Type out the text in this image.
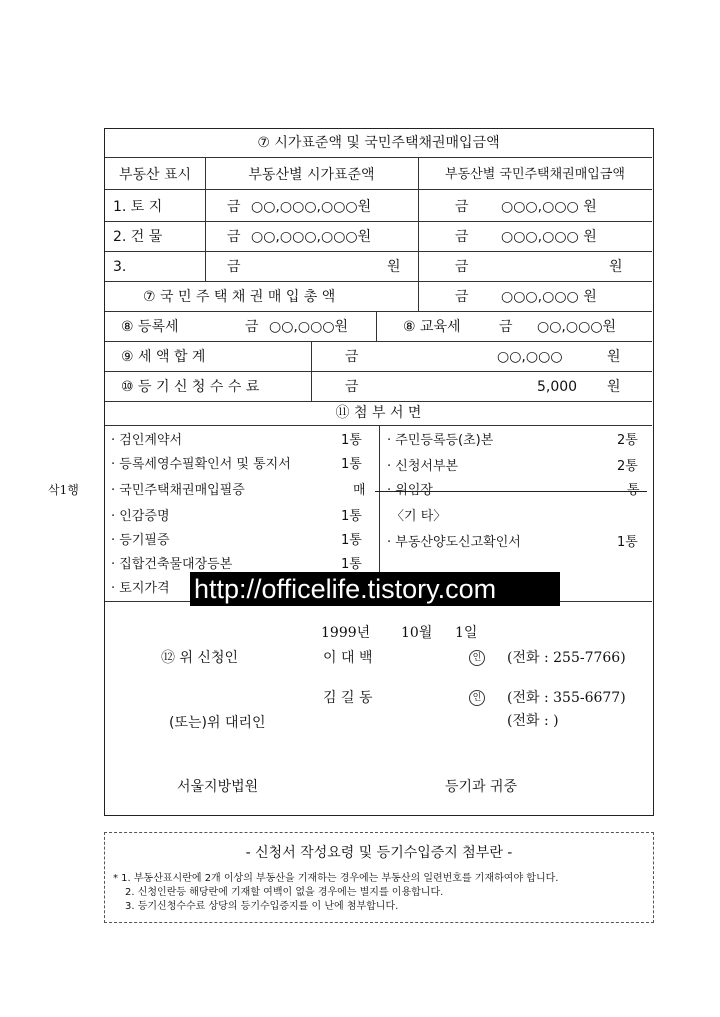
⑦ 시가표준액 및 국민주택채권매입금액
부동산 표시	부동산별 시가표준액	부동산별 국민주택채권매입금액
1. 토 지	금 ○○,○○○,○○○원	금 ○○○,○○○ 원
2. 건 물	금 ○○,○○○,○○○원	금 ○○○,○○○ 원
3.	금	원	금	원
⑦ 국 민 주 택 채 권 매 입 총 액	금 ○○○,○○○ 원
⑧ 등록세	금 ○○,○○○원	⑧ 교육세	금 ○○,○○○원
⑨ 세 액 합 계	금	○○,○○○	원
⑩ 등 기 신 청 수 수 료	금	5,000 원
⑪ 첨 부 서 면
· 검인계약서	1통
· 등록세영수필확인서 및 통지서	1통
· 국민주택채권매입필증	매
· 인감증명	1통
· 등기필증	1통
· 집합건축물대장등본	1통
· 토지가격
· 주민등록등(초)본	2통
· 신청서부본	2통
· 위임장	통
〈기 타〉
· 부동산양도신고확인서	1통
1999년 10월 1일
⑫ 위 신청인	이 대 백	인 (전화 : 255-7766)
김 길 동	인 (전화 : 355-6677)
(또는)위 대리인	(전화 : )
서울지방법원	등기과 귀중
삭1행
http://officelife.tistory.com
- 신청서 작성요령 및 등기수입증지 첨부란 -
* 1. 부동산표시란에 2개 이상의 부동산을 기재하는 경우에는 부동산의 일련번호를 기재하여야 합니다.
2. 신청인란등 해당란에 기재할 여백이 없을 경우에는 별지를 이용합니다.
3. 등기신청수수료 상당의 등기수입증지를 이 난에 첨부합니다.
